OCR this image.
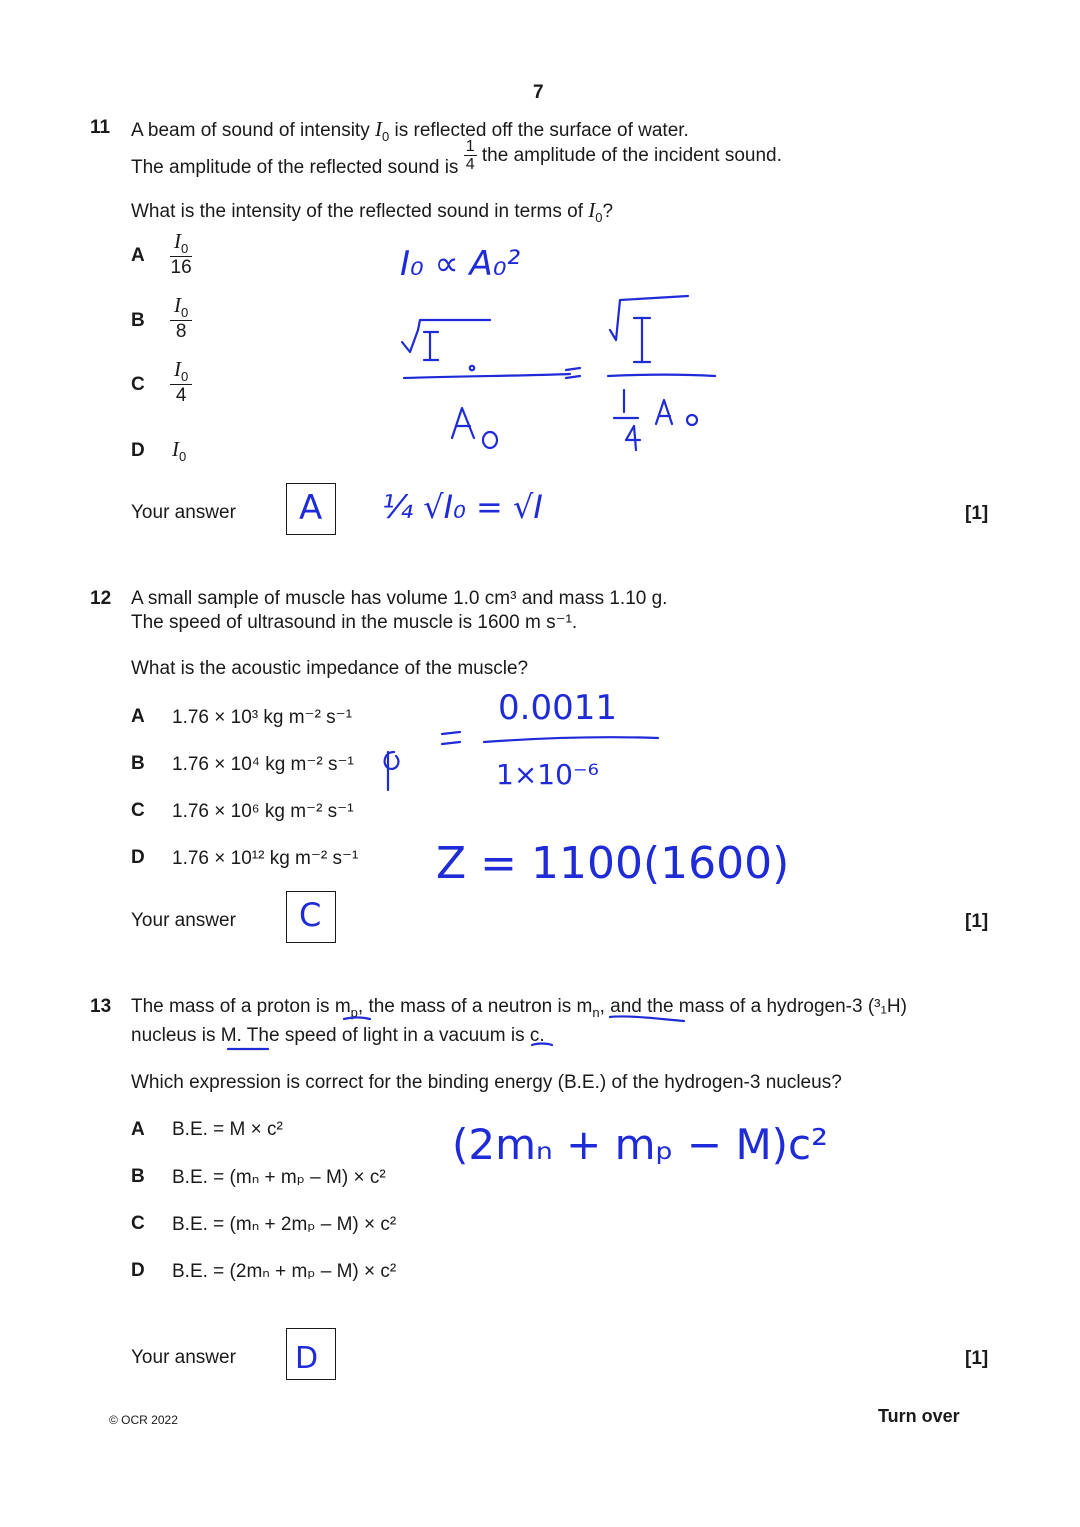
7
11 A beam of sound of intensity $I_0$ is reflected off the surface of water.
The amplitude of the reflected sound is $\frac{1}{4}$ the amplitude of the incident sound.
What is the intensity of the reflected sound in terms of $I_0$?
A $\frac{I_0}{16}$
B $\frac{I_0}{8}$
C $\frac{I_0}{4}$
D $I_0$
Your answer A	[1]
I₀ ∝ A₀²
¼ √I₀ = √I
12 A small sample of muscle has volume 1.0 cm³ and mass 1.10 g.
The speed of ultrasound in the muscle is 1600 m s⁻¹.
What is the acoustic impedance of the muscle?
A 1.76 × 10³ kg m⁻² s⁻¹
B 1.76 × 10⁴ kg m⁻² s⁻¹
C 1.76 × 10⁶ kg m⁻² s⁻¹
D 1.76 × 10¹² kg m⁻² s⁻¹
Your answer C	[1]
0.0011
1×10⁻⁶
Z = 1100(1600)
13 The mass of a proton is $m_p$, the mass of a neutron is $m_n$, and the mass of a hydrogen-3 (³₁H)
nucleus is M. The speed of light in a vacuum is c.
Which expression is correct for the binding energy (B.E.) of the hydrogen-3 nucleus?
A B.E. = M × c²
B B.E. = (mₙ + mₚ – M) × c²
C B.E. = (mₙ + 2mₚ – M) × c²
D B.E. = (2mₙ + mₚ – M) × c²
Your answer D	[1]
(2mₙ + mₚ − M)c²
© OCR 2022	Turn over
